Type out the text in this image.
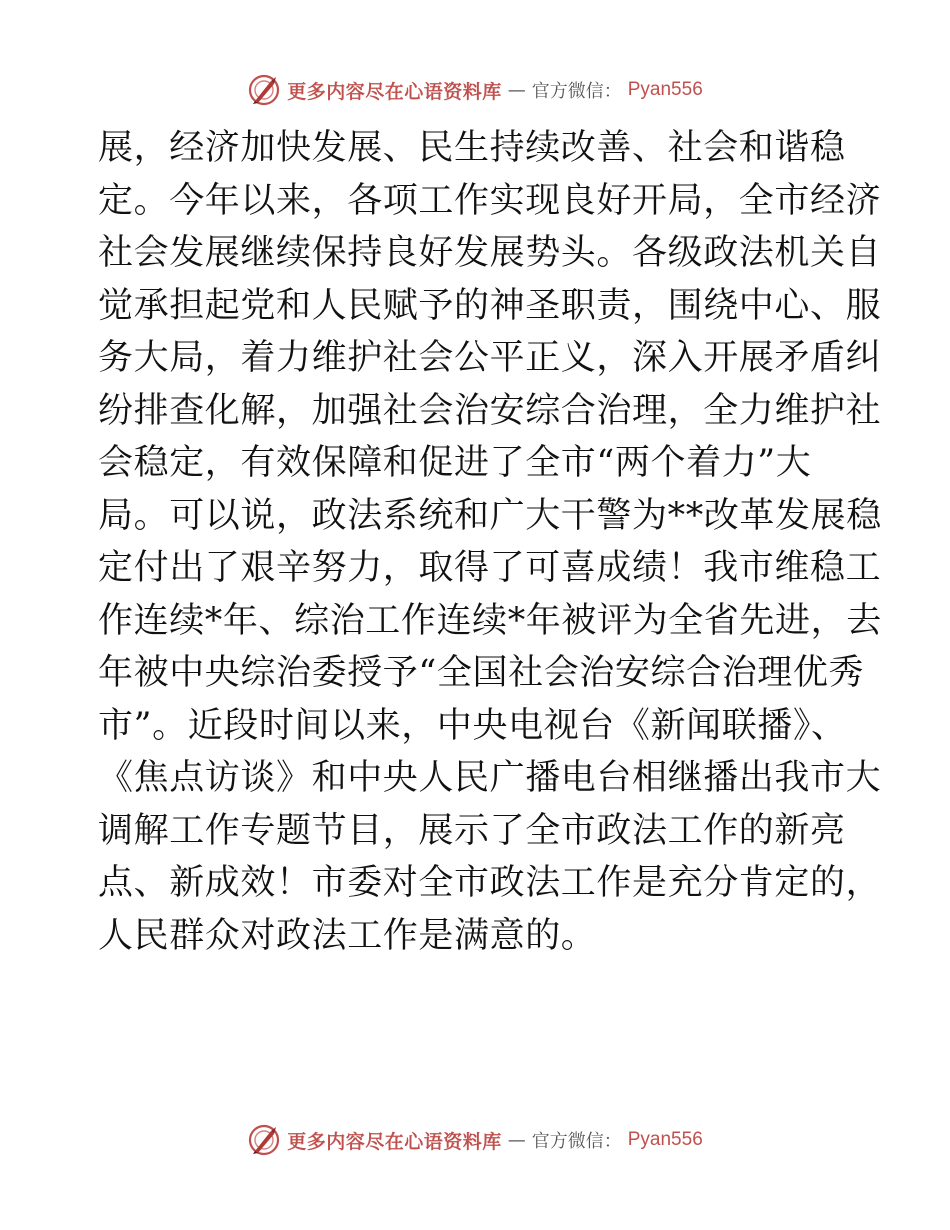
更多内容尽在心语资料库 — 官方微信： Pyan556
展，经济加快发展、民生持续改善、社会和谐稳
定。今年以来，各项工作实现良好开局，全市经济
社会发展继续保持良好发展势头。各级政法机关自
觉承担起党和人民赋予的神圣职责，围绕中心、服
务大局，着力维护社会公平正义，深入开展矛盾纠
纷排查化解，加强社会治安综合治理，全力维护社
会稳定，有效保障和促进了全市“两个着力”大
局。可以说，政法系统和广大干警为**改革发展稳
定付出了艰辛努力，取得了可喜成绩！我市维稳工
作连续*年、综治工作连续*年被评为全省先进，去
年被中央综治委授予“全国社会治安综合治理优秀
市”。近段时间以来，中央电视台《新闻联播》、
《焦点访谈》和中央人民广播电台相继播出我市大
调解工作专题节目，展示了全市政法工作的新亮
点、新成效！市委对全市政法工作是充分肯定的，
人民群众对政法工作是满意的。
更多内容尽在心语资料库 — 官方微信： Pyan556
